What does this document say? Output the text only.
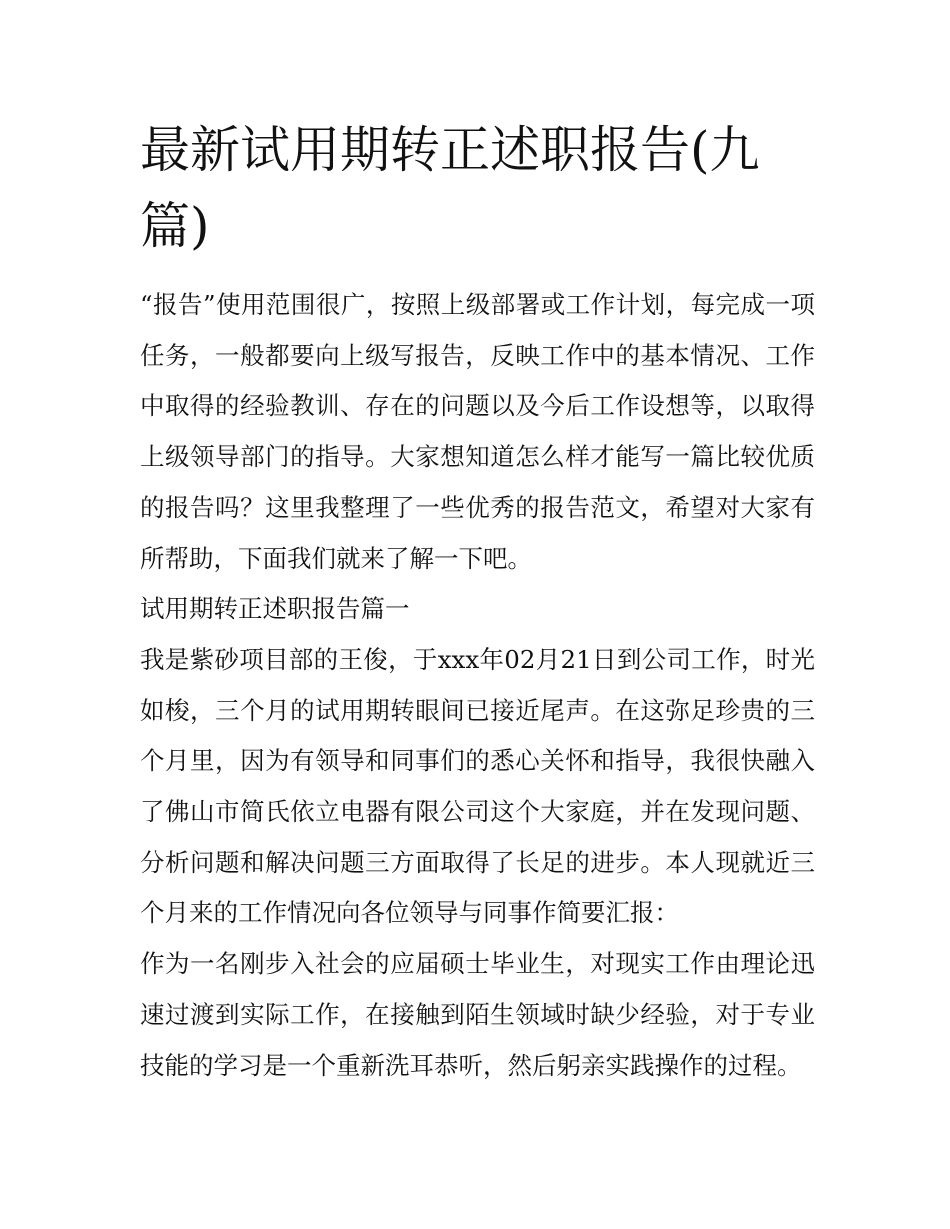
最新试用期转正述职报告(九篇)

“报告”使用范围很广，按照上级部署或工作计划，每完成一项任务，一般都要向上级写报告，反映工作中的基本情况、工作中取得的经验教训、存在的问题以及今后工作设想等，以取得上级领导部门的指导。大家想知道怎么样才能写一篇比较优质的报告吗？这里我整理了一些优秀的报告范文，希望对大家有所帮助，下面我们就来了解一下吧。

试用期转正述职报告篇一

我是紫砂项目部的王俊，于xxx年02月21日到公司工作，时光如梭，三个月的试用期转眼间已接近尾声。在这弥足珍贵的三个月里，因为有领导和同事们的悉心关怀和指导，我很快融入了佛山市简氏依立电器有限公司这个大家庭，并在发现问题、分析问题和解决问题三方面取得了长足的进步。本人现就近三个月来的工作情况向各位领导与同事作简要汇报：

作为一名刚步入社会的应届硕士毕业生，对现实工作由理论迅速过渡到实际工作，在接触到陌生领域时缺少经验，对于专业技能的学习是一个重新洗耳恭听，然后躬亲实践操作的过程。
